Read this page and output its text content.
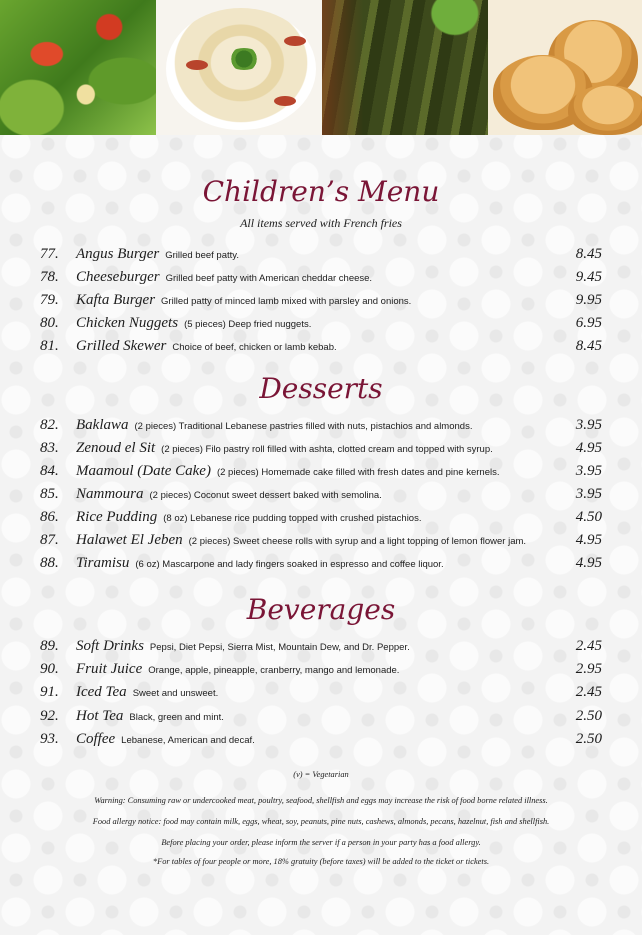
Children’s Menu
All items served with French fries
77. Angus Burger Grilled beef patty.	8.45
78. Cheeseburger Grilled beef patty with American cheddar cheese.	9.45
79. Kafta Burger Grilled patty of minced lamb mixed with parsley and onions.	9.95
80. Chicken Nuggets (5 pieces) Deep fried nuggets.	6.95
81. Grilled Skewer Choice of beef, chicken or lamb kebab.	8.45
Desserts
82. Baklawa (2 pieces) Traditional Lebanese pastries filled with nuts, pistachios and almonds.	3.95
83. Zenoud el Sit (2 pieces) Filo pastry roll filled with ashta, clotted cream and topped with syrup.	4.95
84. Maamoul (Date Cake) (2 pieces) Homemade cake filled with fresh dates and pine kernels.	3.95
85. Nammoura (2 pieces) Coconut sweet dessert baked with semolina.	3.95
86. Rice Pudding (8 oz) Lebanese rice pudding topped with crushed pistachios.	4.50
87. Halawet El Jeben (2 pieces) Sweet cheese rolls with syrup and a light topping of lemon flower jam.	4.95
88. Tiramisu (6 oz) Mascarpone and lady fingers soaked in espresso and coffee liquor.	4.95
Beverages
89. Soft Drinks Pepsi, Diet Pepsi, Sierra Mist, Mountain Dew, and Dr. Pepper.	2.45
90. Fruit Juice Orange, apple, pineapple, cranberry, mango and lemonade.	2.95
91. Iced Tea Sweet and unsweet.	2.45
92. Hot Tea Black, green and mint.	2.50
93. Coffee Lebanese, American and decaf.	2.50
(v) = Vegetarian
Warning: Consuming raw or undercooked meat, poultry, seafood, shellfish and eggs may increase the risk of food borne related illness.
Food allergy notice: food may contain milk, eggs, wheat, soy, peanuts, pine nuts, cashews, almonds, pecans, hazelnut, fish and shellfish.
Before placing your order, please inform the server if a person in your party has a food allergy.
*For tables of four people or more, 18% gratuity (before taxes) will be added to the ticket or tickets.
